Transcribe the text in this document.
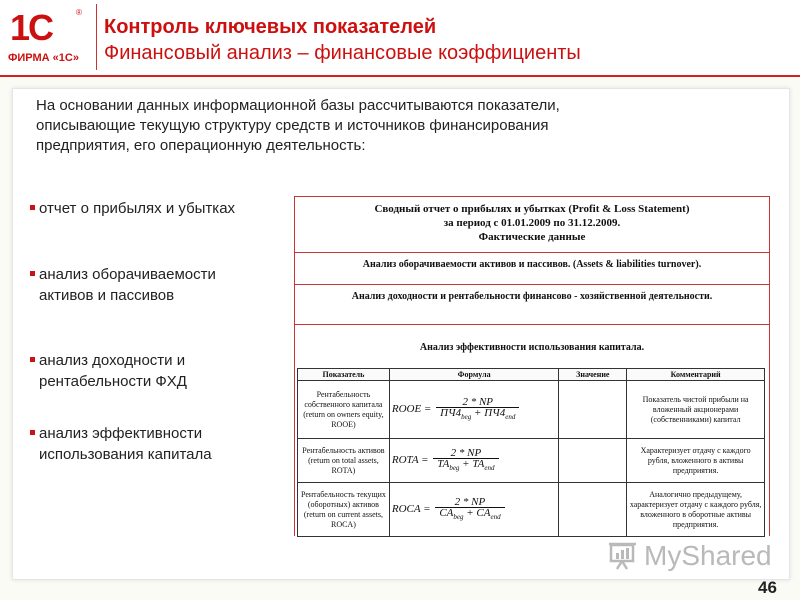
1С	®
ФИРМА «1С»
Контроль ключевых показателей
Финансовый анализ – финансовые коэффициенты
На основании данных информационной базы рассчитываются показатели, описывающие текущую структуру средств и источников финансирования предприятия, его операционную деятельность:
отчет о прибылях и убытках
анализ оборачиваемости активов и пассивов
анализ доходности и рентабельности ФХД
анализ эффективности использования капитала
Сводный отчет о прибылях и убытках (Profit & Loss Statement)
за период с 01.01.2009 по 31.12.2009.
Фактические данные
Анализ оборачиваемости активов и пассивов. (Assets & liabilities turnover).
Анализ доходности и рентабельности финансово - хозяйственной деятельности.
Анализ эффективности использования капитала.
Показатель	Формула	Значение	Комментарий
Рентабельность собственного капитала (return on owners equity, ROOE)	ROOE = $\frac{2 * NP}{ПЧ4_{beg} + ПЧ4_{end}}$		Показатель чистой прибыли на вложенный акционерами (собственниками) капитал
Рентабельность активов (return on total assets, ROTA)	ROTA = $\frac{2 * NP}{TA_{beg} + TA_{end}}$		Характеризует отдачу с каждого рубля, вложенного в активы предприятия.
Рентабельность текущих (оборотных) активов (return on current assets, ROCA)	ROCA = $\frac{2 * NP}{CA_{beg} + CA_{end}}$		Аналогично предыдущему, характеризует отдачу с каждого рубля, вложенного в оборотные активы предприятия.
MyShared
46
